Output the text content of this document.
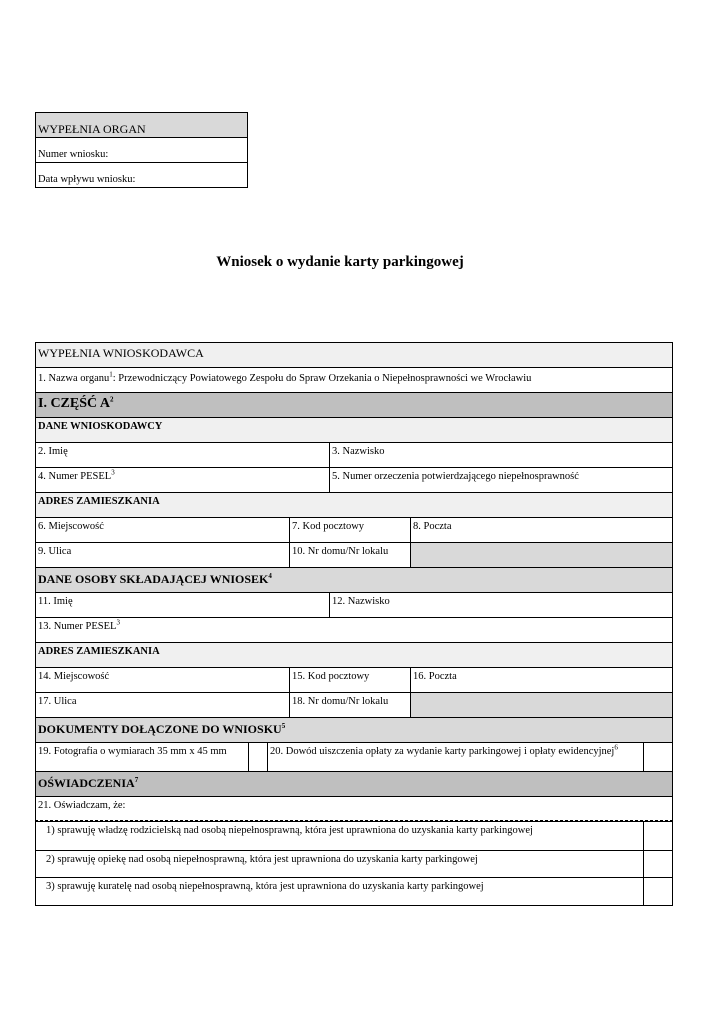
WYPEŁNIA ORGAN
Numer wniosku:
Data wpływu wniosku:
Wniosek o wydanie karty parkingowej
WYPEŁNIA WNIOSKODAWCA
1. Nazwa organu$^1$: Przewodniczący Powiatowego Zespołu do Spraw Orzekania o Niepełnosprawności we Wrocławiu
I. CZĘŚĆ $A^2$
DANE WNIOSKODAWCY
2. Imię	3. Nazwisko
4. Numer PESEL$^3$	5. Numer orzeczenia potwierdzającego niepełnosprawność
ADRES ZAMIESZKANIA
6. Miejscowość	7. Kod pocztowy	8. Poczta
9. Ulica	10. Nr domu/Nr lokalu
DANE OSOBY SKŁADAJĄCEJ WNIOSEK$^4$
11. Imię	12. Nazwisko
13. Numer PESEL$^3$
ADRES ZAMIESZKANIA
14. Miejscowość	15. Kod pocztowy	16. Poczta
17. Ulica	18. Nr domu/Nr lokalu
DOKUMENTY DOŁĄCZONE DO WNIOSKU$^5$
19. Fotografia o wymiarach 35 mm x 45 mm	20. Dowód uiszczenia opłaty za wydanie karty parkingowej i opłaty ewidencyjnej$^6$
OŚWIADCZENIA$^7$
21. Oświadczam, że:
1) sprawuję władzę rodzicielską nad osobą niepełnosprawną, która jest uprawniona do uzyskania karty parkingowej
2) sprawuję opiekę nad osobą niepełnosprawną, która jest uprawniona do uzyskania karty parkingowej
3) sprawuję kuratelę nad osobą niepełnosprawną, która jest uprawniona do uzyskania karty parkingowej
